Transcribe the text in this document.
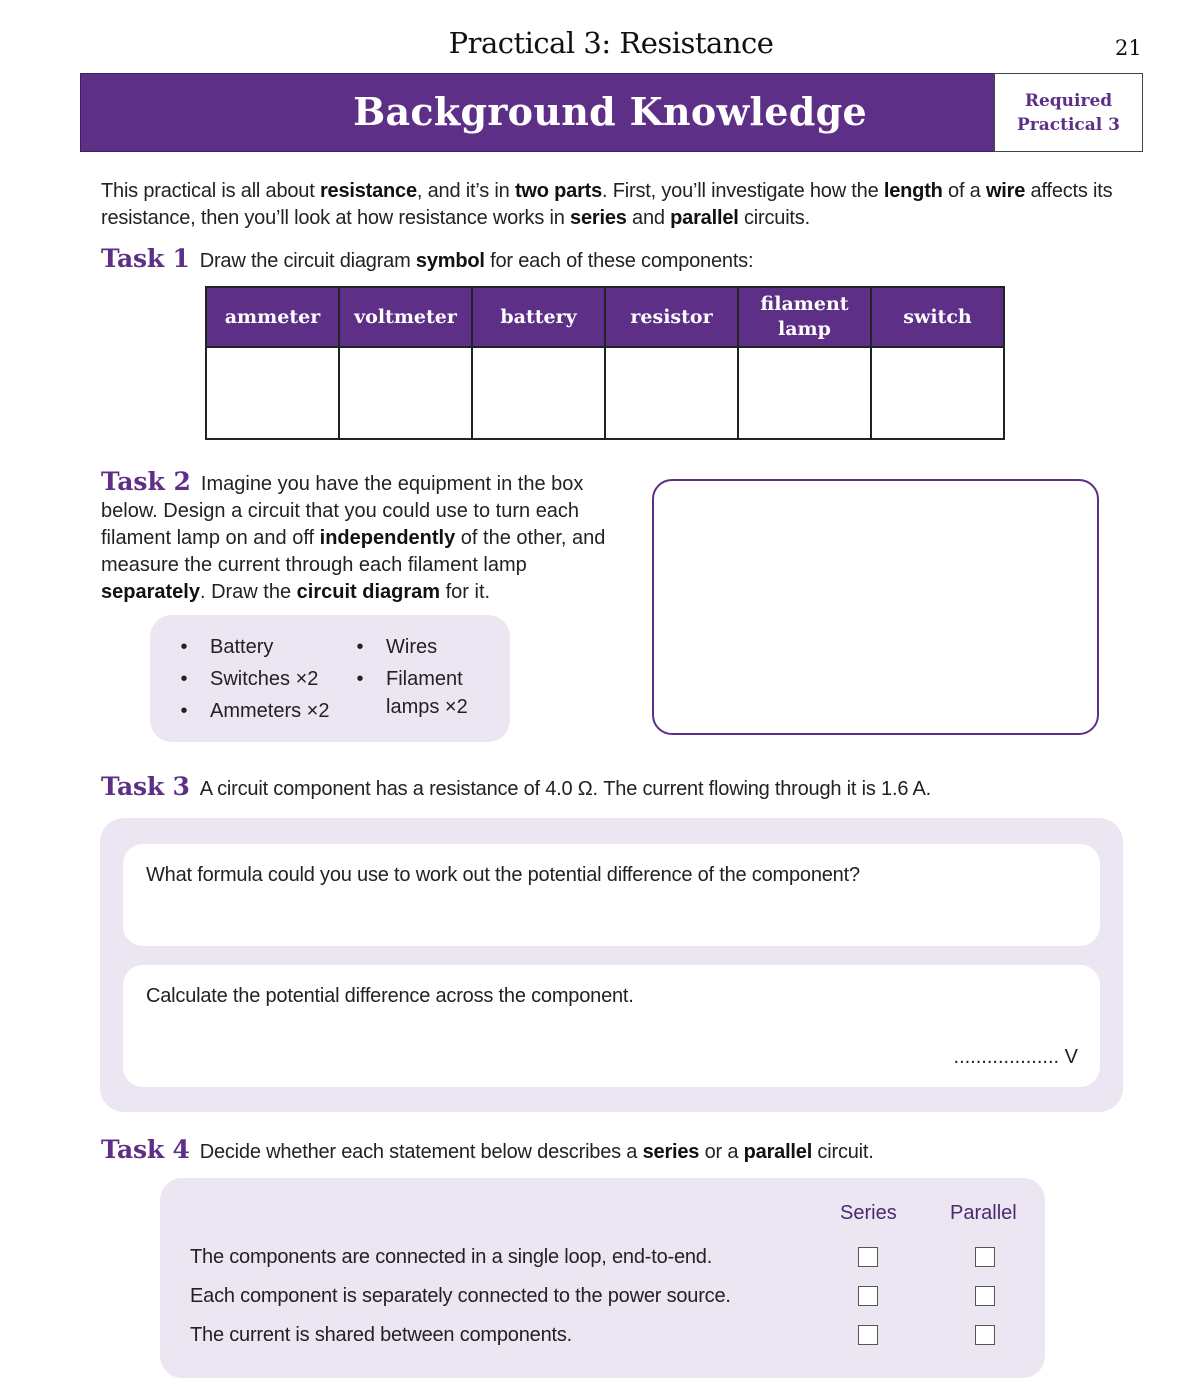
Practical 3: Resistance	21
Background Knowledge	Required
Practical 3
This practical is all about resistance, and it’s in two parts. First, you’ll investigate how the length of a wire affects its resistance, then you’ll look at how resistance works in series and parallel circuits.
Task 1 Draw the circuit diagram symbol for each of these components:
ammeter	voltmeter	battery	resistor	filament lamp	switch

Task 2 Imagine you have the equipment in the box below. Design a circuit that you could use to turn each filament lamp on and off independently of the other, and measure the current through each filament lamp separately. Draw the circuit diagram for it.
•	Battery
•	Switches ×2
•	Ammeters ×2
•	Wires
•	Filament lamps ×2
Task 3 A circuit component has a resistance of 4.0 Ω. The current flowing through it is 1.6 A.
What formula could you use to work out the potential difference of the component?
Calculate the potential difference across the component.
................... V
Task 4 Decide whether each statement below describes a series or a parallel circuit.
Series	Parallel
The components are connected in a single loop, end-to-end.
Each component is separately connected to the power source.
The current is shared between components.
